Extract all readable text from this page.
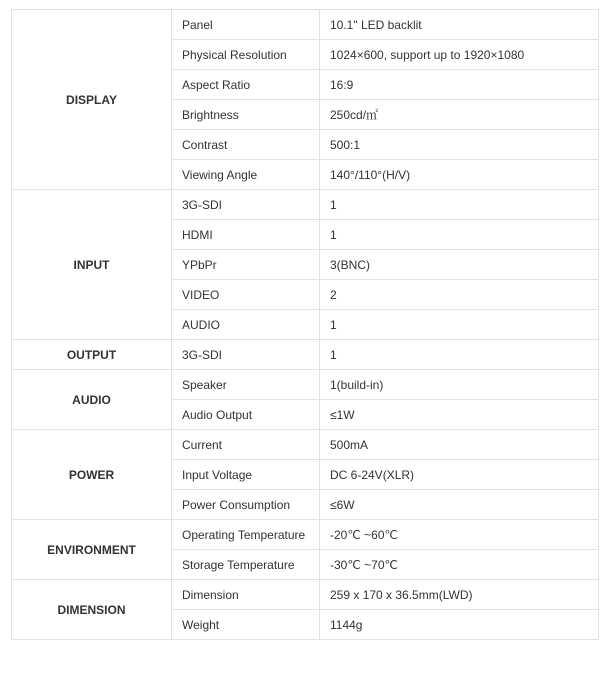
DISPLAY	Panel	10.1" LED backlit
	Physical Resolution	1024×600, support up to 1920×1080
	Aspect Ratio	16:9
	Brightness	250cd/㎡
	Contrast	500:1
	Viewing Angle	140°/110°(H/V)
INPUT	3G-SDI	1
	HDMI	1
	YPbPr	3(BNC)
	VIDEO	2
	AUDIO	1
OUTPUT	3G-SDI	1
AUDIO	Speaker	1(build-in)
	Audio Output	≤1W
POWER	Current	500mA
	Input Voltage	DC 6-24V(XLR)
	Power Consumption	≤6W
ENVIRONMENT	Operating Temperature	-20℃ ~60℃
	Storage Temperature	-30℃ ~70℃
DIMENSION	Dimension	259 x 170 x 36.5mm(LWD)
	Weight	1144g
